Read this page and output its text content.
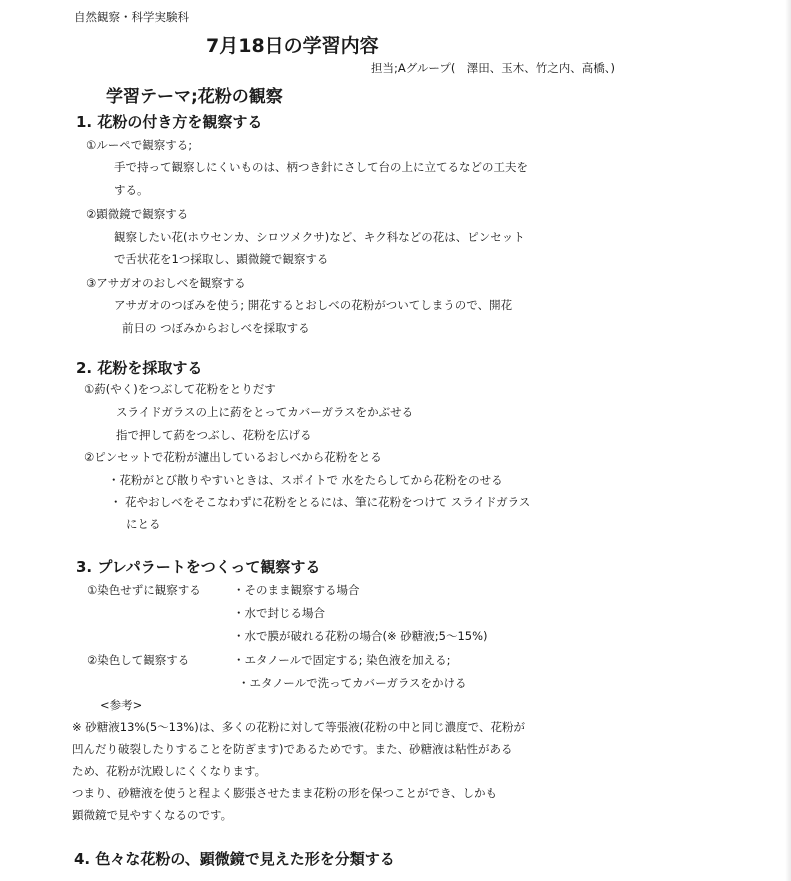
自然観察・科学実験科
7月18日の学習内容
担当;Aグループ(　澤田、玉木、竹之内、高橋、)
学習テーマ;花粉の観察
1. 花粉の付き方を観察する
①ルーペで観察する;
手で持って観察しにくいものは、柄つき針にさして台の上に立てるなどの工夫を
する。
②顕微鏡で観察する
観察したい花(ホウセンカ、シロツメクサ)など、キク科などの花は、ピンセット
で舌状花を1つ採取し、顕微鏡で観察する
③アサガオのおしべを観察する
アサガオのつぼみを使う; 開花するとおしべの花粉がついてしまうので、開花
前日の つぼみからおしべを採取する
2. 花粉を採取する
①葯(やく)をつぶして花粉をとりだす
スライドガラスの上に葯をとってカバーガラスをかぶせる
指で押して葯をつぶし、花粉を広げる
②ピンセットで花粉が濾出しているおしべから花粉をとる
・花粉がとび散りやすいときは、スポイトで 水をたらしてから花粉をのせる
・ 花やおしべをそこなわずに花粉をとるには、筆に花粉をつけて スライドガラス
にとる
3. プレパラートをつくって観察する
①染色せずに観察する	・そのまま観察する場合
・水で封じる場合
・水で膜が破れる花粉の場合(※ 砂糖液;5～15%)
②染色して観察する	・エタノールで固定する; 染色液を加える;
・エタノールで洗ってカバーガラスをかける
<参考>
※ 砂糖液13%(5～13%)は、多くの花粉に対して等張液(花粉の中と同じ濃度で、花粉が
凹んだり破裂したりすることを防ぎます)であるためです。また、砂糖液は粘性がある
ため、花粉が沈殿しにくくなります。
つまり、砂糖液を使うと程よく膨張させたまま花粉の形を保つことができ、しかも
顕微鏡で見やすくなるのです。
4. 色々な花粉の、顕微鏡で見えた形を分類する
